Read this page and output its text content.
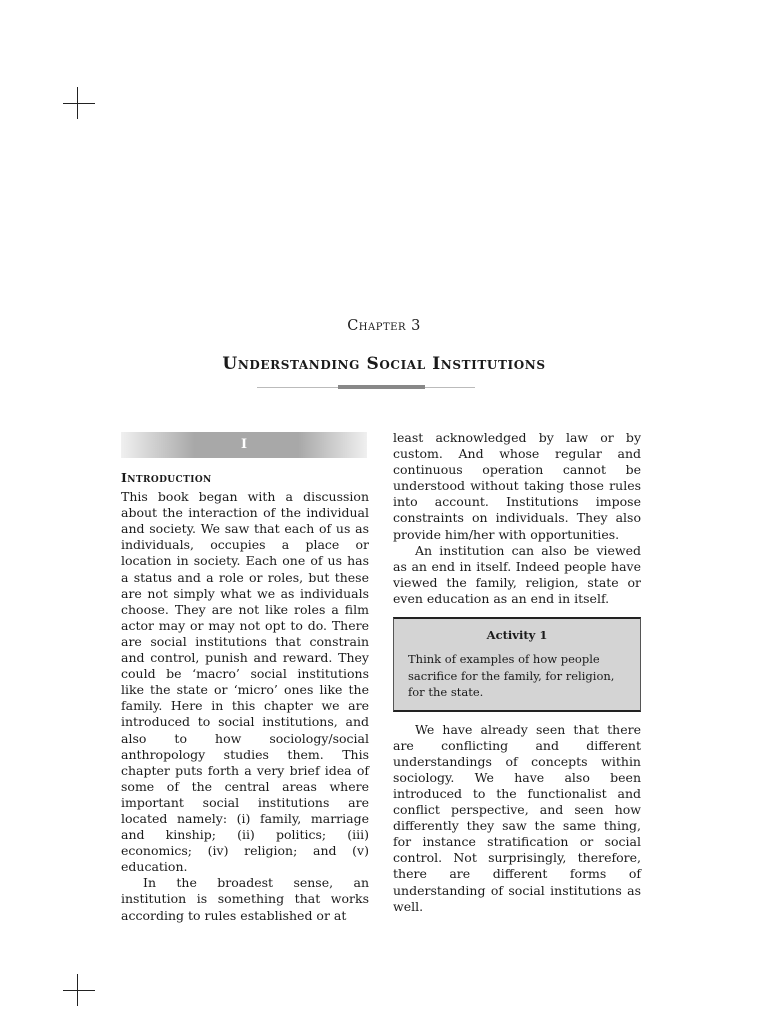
Chapter 3
Understanding Social Institutions
I
Introduction

This book began with a discussion about the interaction of the individual and society. We saw that each of us as individuals, occupies a place or location in society. Each one of us has a status and a role or roles, but these are not simply what we as individuals choose. They are not like roles a film actor may or may not opt to do. There are social institutions that constrain and control, punish and reward. They could be ‘macro’ social institutions like the state or ‘micro’ ones like the family. Here in this chapter we are introduced to social institutions, and also to how sociology/social anthropology studies them. This chapter puts forth a very brief idea of some of the central areas where important social institutions are located namely: (i) family, marriage and kinship; (ii) politics; (iii) economics; (iv) religion; and (v) education.

In the broadest sense, an institution is something that works according to rules established or at

least acknowledged by law or by custom. And whose regular and continuous operation cannot be understood without taking those rules into account. Institutions impose constraints on individuals. They also provide him/her with opportunities.

An institution can also be viewed as an end in itself. Indeed people have viewed the family, religion, state or even education as an end in itself.

Activity 1

Think of examples of how people sacrifice for the family, for religion, for the state.

We have already seen that there are conflicting and different understandings of concepts within sociology. We have also been introduced to the functionalist and conflict perspective, and seen how differently they saw the same thing, for instance stratification or social control. Not surprisingly, therefore, there are different forms of understanding of social institutions as well.
